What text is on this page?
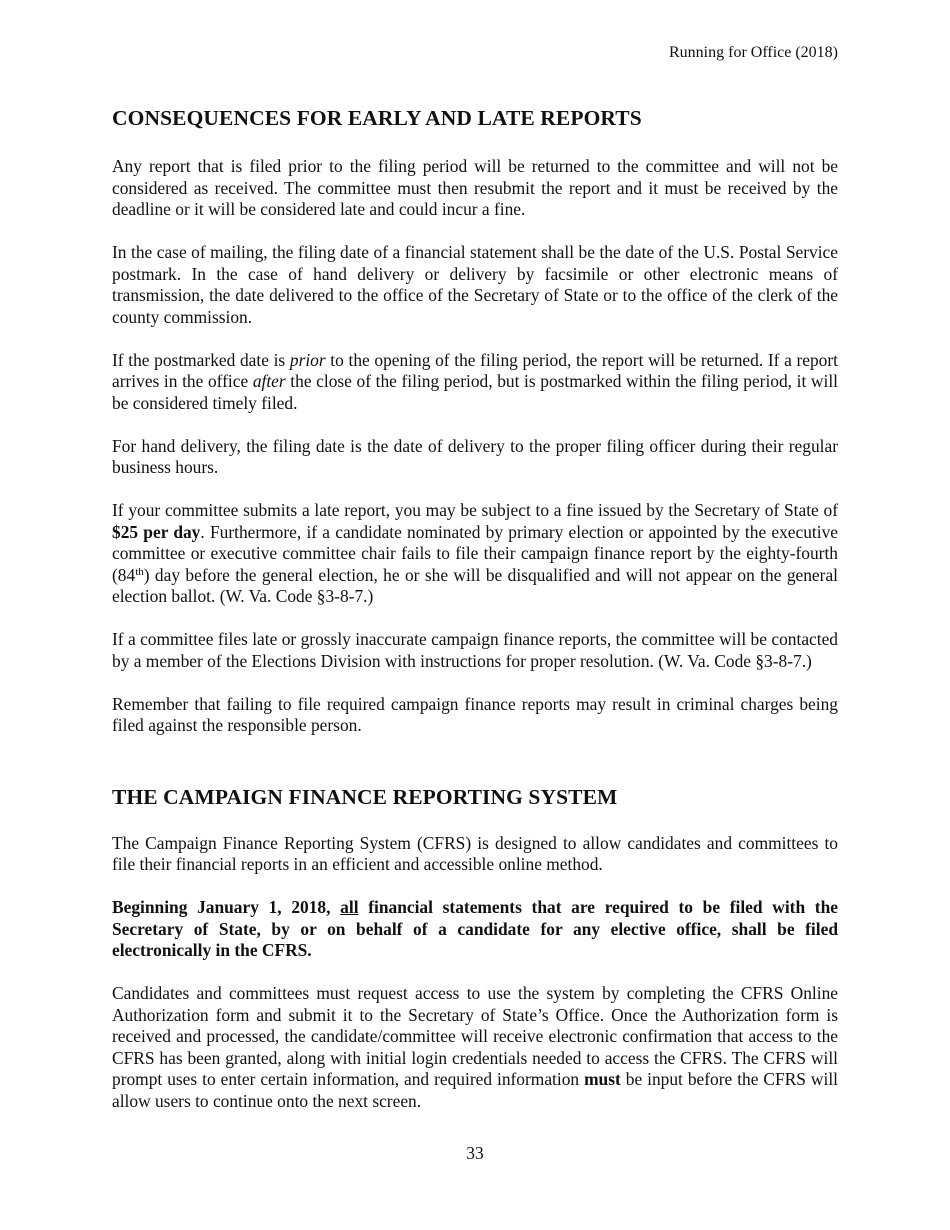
Running for Office (2018)
CONSEQUENCES FOR EARLY AND LATE REPORTS

Any report that is filed prior to the filing period will be returned to the committee and will not be considered as received. The committee must then resubmit the report and it must be received by the deadline or it will be considered late and could incur a fine.

In the case of mailing, the filing date of a financial statement shall be the date of the U.S. Postal Service postmark. In the case of hand delivery or delivery by facsimile or other electronic means of transmission, the date delivered to the office of the Secretary of State or to the office of the clerk of the county commission.

If the postmarked date is prior to the opening of the filing period, the report will be returned. If a report arrives in the office after the close of the filing period, but is postmarked within the filing period, it will be considered timely filed.

For hand delivery, the filing date is the date of delivery to the proper filing officer during their regular business hours.

If your committee submits a late report, you may be subject to a fine issued by the Secretary of State of $25 per day. Furthermore, if a candidate nominated by primary election or appointed by the executive committee or executive committee chair fails to file their campaign finance report by the eighty-fourth (84th) day before the general election, he or she will be disqualified and will not appear on the general election ballot. (W. Va. Code §3-8-7.)

If a committee files late or grossly inaccurate campaign finance reports, the committee will be contacted by a member of the Elections Division with instructions for proper resolution. (W. Va. Code §3-8-7.)

Remember that failing to file required campaign finance reports may result in criminal charges being filed against the responsible person.

THE CAMPAIGN FINANCE REPORTING SYSTEM

The Campaign Finance Reporting System (CFRS) is designed to allow candidates and committees to file their financial reports in an efficient and accessible online method.

Beginning January 1, 2018, all financial statements that are required to be filed with the Secretary of State, by or on behalf of a candidate for any elective office, shall be filed electronically in the CFRS.

Candidates and committees must request access to use the system by completing the CFRS Online Authorization form and submit it to the Secretary of State’s Office. Once the Authorization form is received and processed, the candidate/committee will receive electronic confirmation that access to the CFRS has been granted, along with initial login credentials needed to access the CFRS. The CFRS will prompt uses to enter certain information, and required information must be input before the CFRS will allow users to continue onto the next screen.

33
